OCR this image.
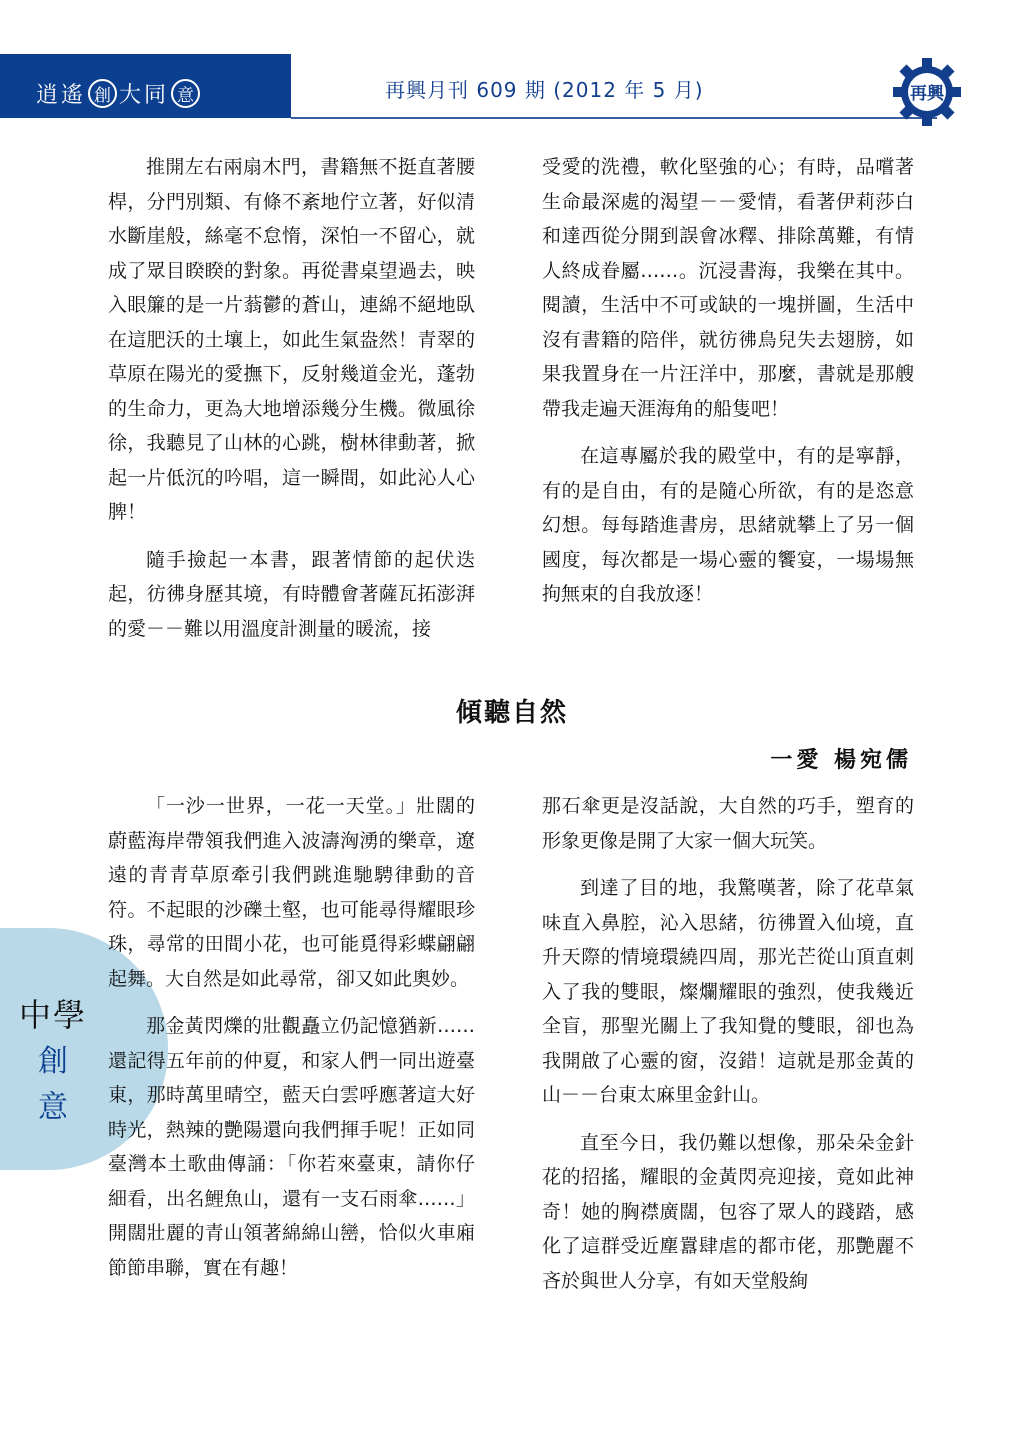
逍遙 創 大同 意	再興月刊 609 期 (2012 年 5 月)	再興

推開左右兩扇木門，書籍無不挺直著腰桿，分門別類、有條不紊地佇立著，好似清水斷崖般，絲毫不怠惰，深怕一不留心，就成了眾目睽睽的對象。再從書桌望過去，映入眼簾的是一片蓊鬱的蒼山，連綿不絕地臥在這肥沃的土壤上，如此生氣盎然！青翠的草原在陽光的愛撫下，反射幾道金光，蓬勃的生命力，更為大地增添幾分生機。微風徐徐，我聽見了山林的心跳，樹林律動著，掀起一片低沉的吟唱，這一瞬間，如此沁人心脾！

隨手撿起一本書，跟著情節的起伏迭起，彷彿身歷其境，有時體會著薩瓦拓澎湃的愛－－難以用溫度計測量的暖流，接

受愛的洗禮，軟化堅強的心；有時，品嚐著生命最深處的渴望－－愛情，看著伊莉莎白和達西從分開到誤會冰釋、排除萬難，有情人終成眷屬……。沉浸書海，我樂在其中。閱讀，生活中不可或缺的一塊拼圖，生活中沒有書籍的陪伴，就彷彿鳥兒失去翅膀，如果我置身在一片汪洋中，那麼，書就是那艘帶我走遍天涯海角的船隻吧！

在這專屬於我的殿堂中，有的是寧靜，有的是自由，有的是隨心所欲，有的是恣意幻想。每每踏進書房，思緒就攀上了另一個國度，每次都是一場心靈的饗宴，一場場無拘無束的自我放逐！

傾聽自然
一愛 楊宛儒
中學
創
意

「一沙一世界，一花一天堂。」壯闊的蔚藍海岸帶領我們進入波濤洶湧的樂章，遼遠的青青草原牽引我們跳進馳騁律動的音符。不起眼的沙礫土壑，也可能尋得耀眼珍珠，尋常的田間小花，也可能覓得彩蝶翩翩起舞。大自然是如此尋常，卻又如此奧妙。

那金黃閃爍的壯觀矗立仍記憶猶新……還記得五年前的仲夏，和家人們一同出遊臺東，那時萬里晴空，藍天白雲呼應著這大好時光，熱辣的艷陽還向我們揮手呢！正如同臺灣本土歌曲傳誦：「你若來臺東，請你仔細看，出名鯉魚山，還有一支石雨傘……」開闊壯麗的青山領著綿綿山巒，恰似火車廂節節串聯，實在有趣！

那石傘更是沒話說，大自然的巧手，塑育的形象更像是開了大家一個大玩笑。

到達了目的地，我驚嘆著，除了花草氣味直入鼻腔，沁入思緒，彷彿置入仙境，直升天際的情境環繞四周，那光芒從山頂直刺入了我的雙眼，燦爛耀眼的強烈，使我幾近全盲，那聖光關上了我知覺的雙眼，卻也為我開啟了心靈的窗，沒錯！這就是那金黃的山－－台東太麻里金針山。

直至今日，我仍難以想像，那朵朵金針花的招搖，耀眼的金黃閃亮迎接，竟如此神奇！她的胸襟廣闊，包容了眾人的踐踏，感化了這群受近塵囂肆虐的都市佬，那艷麗不吝於與世人分享，有如天堂般絢
